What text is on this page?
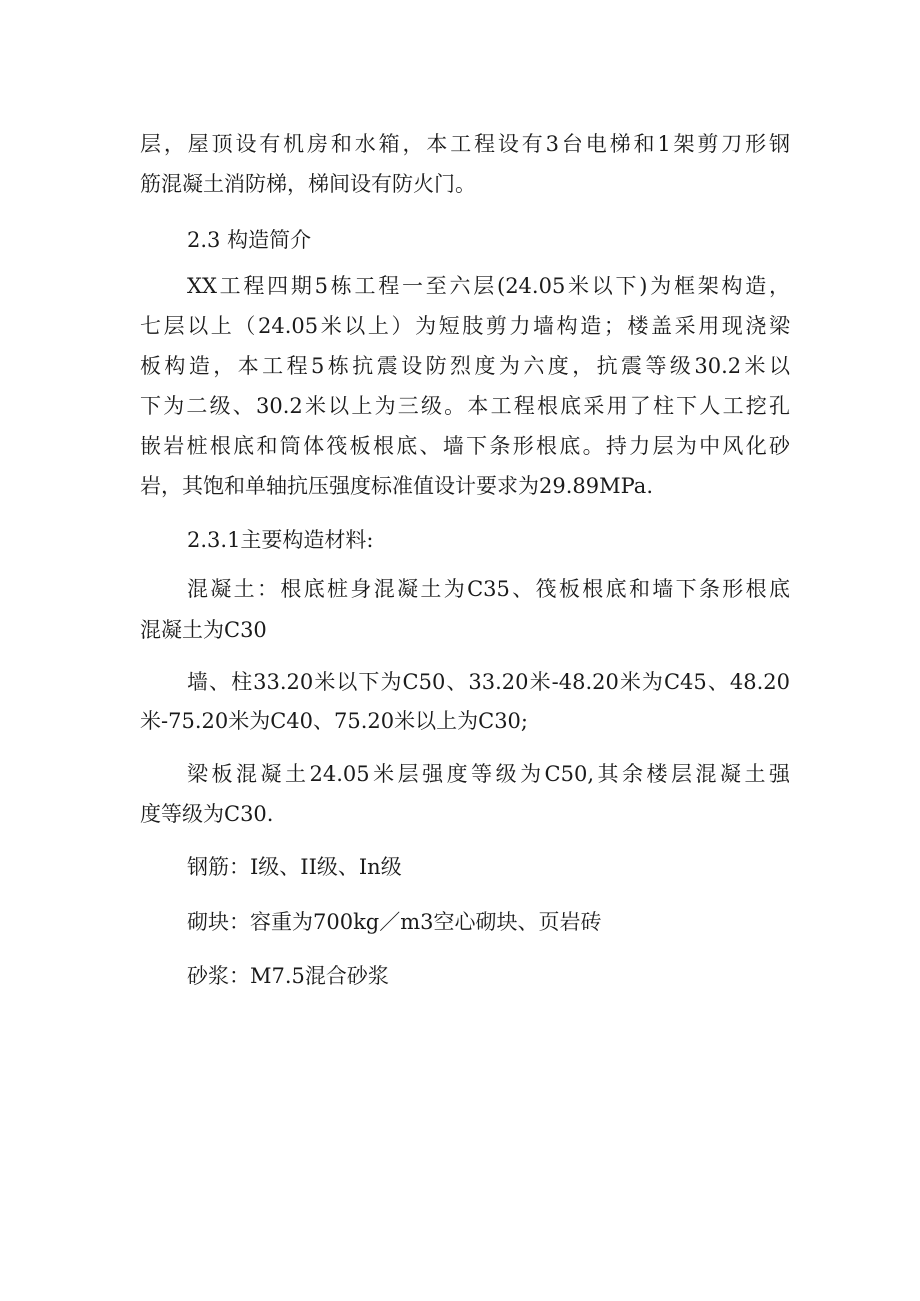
层，屋顶设有机房和水箱，本工程设有3台电梯和1架剪刀形钢
筋混凝土消防梯，梯间设有防火门。
2.3 构造简介
XX工程四期5栋工程一至六层(24.05米以下)为框架构造，
七层以上（24.05米以上）为短肢剪力墙构造；楼盖采用现浇梁
板构造，本工程5栋抗震设防烈度为六度，抗震等级30.2米以
下为二级、30.2米以上为三级。本工程根底采用了柱下人工挖孔
嵌岩桩根底和筒体筏板根底、墙下条形根底。持力层为中风化砂
岩，其饱和单轴抗压强度标准值设计要求为29.89MPa.
2.3.1主要构造材料:
混凝土：根底桩身混凝土为C35、筏板根底和墙下条形根底
混凝土为C30
墙、柱33.20米以下为C50、33.20米-48.20米为C45、48.20
米-75.20米为C40、75.20米以上为C30;
梁板混凝土24.05米层强度等级为C50,其余楼层混凝土强
度等级为C30.
钢筋：I级、II级、In级
砌块：容重为700kg／m3空心砌块、页岩砖
砂浆：M7.5混合砂浆
